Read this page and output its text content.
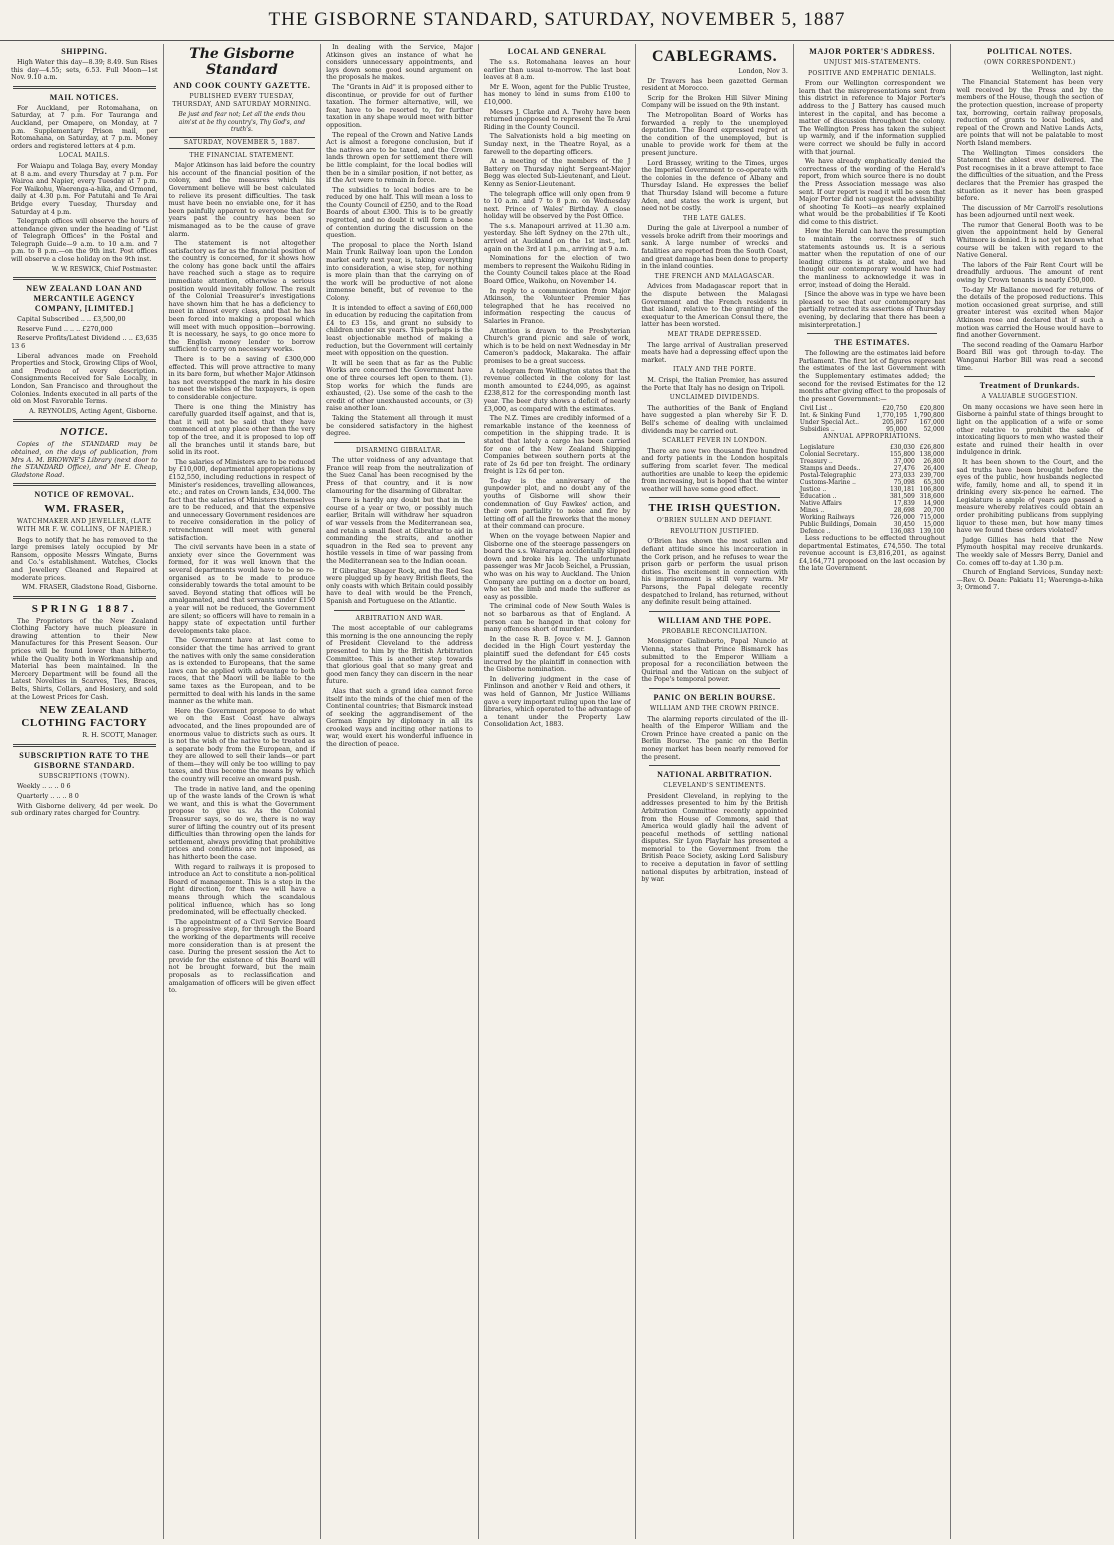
THE GISBORNE STANDARD, SATURDAY, NOVEMBER 5, 1887
SHIPPING.

High Water this day—8.39; 8.49. Sun Rises this day—4.55; sets, 6.53. Full Moon—1st Nov. 9.10 a.m.

MAIL NOTICES.

For Auckland, per Rotomahana, on Saturday, at 7 p.m. For Tauranga and Auckland, per Omapere, on Monday, at 7 p.m. Supplementary Prison mail, per Rotomahana, on Saturday, at 7 p.m. Money orders and registered letters at 4 p.m.

LOCAL MAILS.

For Waiapu and Tolaga Bay, every Monday at 8 a.m. and every Thursday at 7 p.m. For Wairoa and Napier, every Tuesday at 7 p.m. For Waikohu, Waerenga-a-hika, and Ormond, daily at 4.30 p.m. For Patutahi and Te Arai Bridge every Tuesday, Thursday and Saturday at 4 p.m.

Telegraph offices will observe the hours of attendance given under the heading of "List of Telegraph Offices" in the Postal and Telegraph Guide—9 a.m. to 10 a.m. and 7 p.m. to 8 p.m.—on the 9th inst. Post offices will observe a close holiday on the 9th inst.

W. W. RESWICK, Chief Postmaster.

NEW ZEALAND LOAN AND MERCANTILE AGENCY COMPANY, [LIMITED.]

Capital Subscribed .. .. £3,500,00

Reserve Fund .. .. .. £270,000

Reserve Profits/Latest Dividend .. .. £3,635 13 6

Liberal advances made on Freehold Properties and Stock, Growing Clips of Wool, and Produce of every description. Consignments Received for Sale Locally, in London, San Francisco and throughout the Colonies. Indents executed in all parts of the old on Most Favorable Terms.

A. REYNOLDS, Acting Agent, Gisborne.

NOTICE.

Copies of the STANDARD may be obtained, on the days of publication, from Mrs A. M. BROWNE'S Library (next door to the STANDARD Office), and Mr E. Cheap, Gladstone Road.

NOTICE OF REMOVAL.
WM. FRASER,
WATCHMAKER AND JEWELLER, (LATE WITH MR F. W. COLLINS, OF NAPIER.)

Begs to notify that he has removed to the large premises lately occupied by Mr Ransom, opposite Messrs Wingate, Burns and Co.'s establishment. Watches, Clocks and Jewellery Cleaned and Repaired at moderate prices.

WM. FRASER, Gladstone Road, Gisborne.

SPRING 1887.

The Proprietors of the New Zealand Clothing Factory have much pleasure in drawing attention to their New Manufactures for this Present Season. Our prices will be found lower than hitherto, while the Quality both in Workmanship and Material has been maintained. In the Mercery Department will be found all the Latest Novelties in Scarves, Ties, Braces, Belts, Shirts, Collars, and Hosiery, and sold at the Lowest Prices for Cash.

NEW ZEALAND CLOTHING FACTORY

R. H. SCOTT, Manager.

SUBSCRIPTION RATE TO THE GISBORNE STANDARD.
SUBSCRIPTIONS (TOWN).

Weekly .. .. .. 0 6

Quarterly .. .. .. 8 0

With Gisborne delivery, 4d per week. Do sub ordinary rates charged for Country.

The Gisborne Standard
AND COOK COUNTY GAZETTE.
PUBLISHED EVERY TUESDAY, THURSDAY, AND SATURDAY MORNING.
Be just and fear not; Let all the ends thou aim'st at be thy country's, Thy God's, and truth's.
SATURDAY, NOVEMBER 5, 1887.
THE FINANCIAL STATEMENT.

Major Atkinson has laid before the country his account of the financial position of the colony, and the measures which his Government believe will be best calculated to relieve its present difficulties. The task must have been no enviable one, for it has been painfully apparent to everyone that for years past the country has been so mismanaged as to be the cause of grave alarm.

The statement is not altogether satisfactory as far as the financial position of the country is concerned, for it shows how the colony has gone back until the affairs have reached such a stage as to require immediate attention, otherwise a serious position would inevitably follow. The result of the Colonial Treasurer's investigations have shown him that he has a deficiency to meet in almost every class, and that he has been forced into making a proposal which will meet with much opposition—borrowing. It is necessary, he says, to go once more to the English money lender to borrow sufficient to carry on necessary works.

There is to be a saving of £300,000 effected. This will prove attractive to many in its bare form, but whether Major Atkinson has not overstepped the mark in his desire to meet the wishes of the taxpayers, is open to considerable conjecture.

There is one thing the Ministry has carefully guarded itself against, and that is, that it will not be said that they have commenced at any place other than the very top of the tree, and it is proposed to lop off all the branches until it stands bare, but solid in its root.

The salaries of Ministers are to be reduced by £10,000, departmental appropriations by £152,550, including reductions in respect of Minister's residences, travelling allowances, etc.; and rates on Crown lands, £34,000. The fact that the salaries of Ministers themselves are to be reduced, and that the expensive and unnecessary Government residences are to receive consideration in the policy of retrenchment will meet with general satisfaction.

The civil servants have been in a state of anxiety ever since the Government was formed, for it was well known that the several departments would have to be so re-organised as to be made to produce considerably towards the total amount to be saved. Beyond stating that offices will be amalgamated, and that servants under £150 a year will not be reduced, the Government are silent; so officers will have to remain in a happy state of expectation until further developments take place.

The Government have at last come to consider that the time has arrived to grant the natives with only the same consideration as is extended to Europeans, that the same laws can be applied with advantage to both races, that the Maori will be liable to the same taxes as the European, and to be permitted to deal with his lands in the same manner as the white man.

Here the Government propose to do what we on the East Coast have always advocated, and the lines propounded are of enormous value to districts such as ours. It is not the wish of the native to be treated as a separate body from the European, and if they are allowed to sell their lands—or part of them—they will only be too willing to pay taxes, and thus become the means by which the country will receive an onward push.

The trade in native land, and the opening up of the waste lands of the Crown is what we want, and this is what the Government propose to give us. As the Colonial Treasurer says, so do we, there is no way surer of lifting the country out of its present difficulties than throwing open the lands for settlement, always providing that prohibitive prices and conditions are not imposed, as has hitherto been the case.

With regard to railways it is proposed to introduce an Act to constitute a non-political Board of management. This is a step in the right direction, for then we will have a means through which the scandalous political influence, which has so long predominated, will be effectually checked.

The appointment of a Civil Service Board is a progressive step, for through the Board the working of the departments will receive more consideration than is at present the case. During the present session the Act to provide for the existence of this Board will not be brought forward, but the main proposals as to reclassification and amalgamation of officers will be given effect to.

In dealing with the Service, Major Atkinson gives an instance of what he considers unnecessary appointments, and lays down some good sound argument on the proposals he makes.

The "Grants in Aid" it is proposed either to discontinue, or provide for out of further taxation. The former alternative, will, we fear, have to be resorted to, for further taxation in any shape would meet with bitter opposition.

The repeal of the Crown and Native Lands Act is almost a foregone conclusion, but if the natives are to be taxed, and the Crown lands thrown open for settlement there will be little complaint, for the local bodies will then be in a similar position, if not better, as if the Act were to remain in force.

The subsidies to local bodies are to be reduced by one half. This will mean a loss to the County Council of £250, and to the Road Boards of about £300. This is to be greatly regretted, and no doubt it will form a bone of contention during the discussion on the question.

The proposal to place the North Island Main Trunk Railway loan upon the London market early next year, is, taking everything into consideration, a wise step, for nothing is more plain than that the carrying on of the work will be productive of not alone immense benefit, but of revenue to the Colony.

It is intended to effect a saving of £60,000 in education by reducing the capitation from £4 to £3 15s, and grant no subsidy to children under six years. This perhaps is the least objectionable method of making a reduction, but the Government will certainly meet with opposition on the question.

It will be seen that as far as the Public Works are concerned the Government have one of three courses left open to them. (1). Stop works for which the funds are exhausted, (2). Use some of the cash to the credit of other unexhausted accounts, or (3) raise another loan.

Taking the Statement all through it must be considered satisfactory in the highest degree.

DISARMING GIBRALTAR.

The utter voidness of any advantage that France will reap from the neutralization of the Suez Canal has been recognised by the Press of that country, and it is now clamouring for the disarming of Gibraltar.

There is hardly any doubt but that in the course of a year or two, or possibly much earlier, Britain will withdraw her squadron of war vessels from the Mediterranean sea, and retain a small fleet at Gibraltar to aid in commanding the straits, and another squadron in the Red sea to prevent any hostile vessels in time of war passing from the Mediterranean sea to the Indian ocean.

If Gibraltar, Shager Rock, and the Red Sea were plugged up by heavy British fleets, the only coasts with which Britain could possibly have to deal with would be the French, Spanish and Portuguese on the Atlantic.

ARBITRATION AND WAR.

The most acceptable of our cablegrams this morning is the one announcing the reply of President Cleveland to the address presented to him by the British Arbitration Committee. This is another step towards that glorious goal that so many great and good men fancy they can discern in the near future.

Alas that such a grand idea cannot force itself into the minds of the chief men of the Continental countries; that Bismarck instead of seeking the aggrandisement of the German Empire by diplomacy in all its crooked ways and inciting other nations to war, would exert his wonderful influence in the direction of peace.

LOCAL AND GENERAL

The s.s. Rotomahana leaves an hour earlier than usual to-morrow. The last boat leaves at 8 a.m.

Mr E. Woon, agent for the Public Trustee, has money to lend in sums from £100 to £10,000.

Messrs J. Clarke and A. Twohy have been returned unopposed to represent the Te Arai Riding in the County Council.

The Salvationists hold a big meeting on Sunday next, in the Theatre Royal, as a farewell to the departing officers.

At a meeting of the members of the J Battery on Thursday night Sergeant-Major Begg was elected Sub-Lieutenant, and Lieut. Kenny as Senior-Lieutenant.

The telegraph office will only open from 9 to 10 a.m. and 7 to 8 p.m. on Wednesday next. Prince of Wales' Birthday. A close holiday will be observed by the Post Office.

The s.s. Manapouri arrived at 11.30 a.m. yesterday. She left Sydney on the 27th ult., arrived at Auckland on the 1st inst., left again on the 3rd at 1 p.m., arriving at 9 a.m.

Nominations for the election of two members to represent the Waikohu Riding in the County Council takes place at the Road Board Office, Waikohu, on November 14.

In reply to a communication from Major Atkinson, the Volunteer Premier has telegraphed that he has received no information respecting the caucus of Salaries in France.

Attention is drawn to the Presbyterian Church's grand picnic and sale of work, which is to be held on next Wednesday in Mr Cameron's paddock, Makaraka. The affair promises to be a great success.

A telegram from Wellington states that the revenue collected in the colony for last month amounted to £244,095, as against £238,812 for the corresponding month last year. The beer duty shows a deficit of nearly £3,000, as compared with the estimates.

The N.Z. Times are credibly informed of a remarkable instance of the keenness of competition in the shipping trade. It is stated that lately a cargo has been carried for one of the New Zealand Shipping Companies between southern ports at the rate of 2s 6d per ton freight. The ordinary freight is 12s 6d per ton.

To-day is the anniversary of the gunpowder plot, and no doubt any of the youths of Gisborne will show their condemnation of Guy Fawkes' action, and their own partiality to noise and fire by letting off of all the fireworks that the money at their command can procure.

When on the voyage between Napier and Gisborne one of the steerage passengers on board the s.s. Wairarapa accidentally slipped down and broke his leg. The unfortunate passenger was Mr Jacob Seichel, a Prussian, who was on his way to Auckland. The Union Company are putting on a doctor on board, who set the limb and made the sufferer as easy as possible.

The criminal code of New South Wales is not so barbarous as that of England. A person can be hanged in that colony for many offences short of murder.

In the case R. B. Joyce v. M. J. Gannon decided in the High Court yesterday the plaintiff sued the defendant for £45 costs incurred by the plaintiff in connection with the Gisborne nomination.

In delivering judgment in the case of Finlinson and another v Reid and others, it was held of Gannon, Mr Justice Williams gave a very important ruling upon the law of libraries, which operated to the advantage of a tenant under the Property Law Consolidation Act, 1883.

CABLEGRAMS.

London, Nov 3.

Dr Travers has been gazetted German resident at Morocco.

Scrip for the Broken Hill Silver Mining Company will be issued on the 9th instant.

The Metropolitan Board of Works has forwarded a reply to the unemployed deputation. The Board expressed regret at the condition of the unemployed, but is unable to provide work for them at the present juncture.

Lord Brassey, writing to the Times, urges the Imperial Government to co-operate with the colonies in the defence of Albany and Thursday Island. He expresses the belief that Thursday Island will become a future Aden, and states the work is urgent, but need not be costly.

THE LATE GALES.

During the gale at Liverpool a number of vessels broke adrift from their moorings and sank. A large number of wrecks and fatalities are reported from the South Coast, and great damage has been done to property in the inland counties.

THE FRENCH AND MALAGASCAR.

Advices from Madagascar report that in the dispute between the Malagasi Government and the French residents in that island, relative to the granting of the exequatur to the American Consul there, the latter has been worsted.

MEAT TRADE DEPRESSED.

The large arrival of Australian preserved meats have had a depressing effect upon the market.

ITALY AND THE PORTE.

M. Crispi, the Italian Premier, has assured the Porte that Italy has no design on Tripoli.

UNCLAIMED DIVIDENDS.

The authorities of the Bank of England have suggested a plan whereby Sir F. D. Bell's scheme of dealing with unclaimed dividends may be carried out.

SCARLET FEVER IN LONDON.

There are now two thousand five hundred and forty patients in the London hospitals suffering from scarlet fever. The medical authorities are unable to keep the epidemic from increasing, but is hoped that the winter weather will have some good effect.

THE IRISH QUESTION.
O'BRIEN SULLEN AND DEFIANT.
REVOLUTION JUSTIFIED.

O'Brien has shown the most sullen and defiant attitude since his incarceration in the Cork prison, and he refuses to wear the prison garb or perform the usual prison duties. The excitement in connection with his imprisonment is still very warm. Mr Parsons, the Papal delegate recently despatched to Ireland, has returned, without any definite result being attained.

WILLIAM AND THE POPE.
PROBABLE RECONCILIATION.

Monsignor Galimberto, Papal Nuncio at Vienna, states that Prince Bismarck has submitted to the Emperor William a proposal for a reconciliation between the Quirinal and the Vatican on the subject of the Pope's temporal power.

PANIC ON BERLIN BOURSE.
WILLIAM AND THE CROWN PRINCE.

The alarming reports circulated of the ill-health of the Emperor William and the Crown Prince have created a panic on the Berlin Bourse. The panic on the Berlin money market has been nearly removed for the present.

NATIONAL ARBITRATION.
CLEVELAND'S SENTIMENTS.

President Cleveland, in replying to the addresses presented to him by the British Arbitration Committee recently appointed from the House of Commons, said that America would gladly hail the advent of peaceful methods of settling national disputes. Sir Lyon Playfair has presented a memorial to the Government from the British Peace Society, asking Lord Salisbury to receive a deputation in favor of settling national disputes by arbitration, instead of by war.

MAJOR PORTER'S ADDRESS.
UNJUST MIS-STATEMENTS.
POSITIVE AND EMPHATIC DENIALS.

From our Wellington correspondent we learn that the misrepresentations sent from this district in reference to Major Porter's address to the J Battery has caused much interest in the capital, and has become a matter of discussion throughout the colony. The Wellington Press has taken the subject up warmly, and if the information supplied were correct we should be fully in accord with that journal.

We have already emphatically denied the correctness of the wording of the Herald's report, from which source there is no doubt the Press Association message was also sent. If our report is read it will be seen that Major Porter did not suggest the advisability of shooting Te Kooti—as nearly explained what would be the probabilities if Te Kooti did come to this district.

How the Herald can have the presumption to maintain the correctness of such statements astounds us. It is a serious matter when the reputation of one of our leading citizens is at stake, and we had thought our contemporary would have had the manliness to acknowledge it was in error, instead of doing the Herald.

[Since the above was in type we have been pleased to see that our contemporary has partially retracted its assertions of Thursday evening, by declaring that there has been a misinterpretation.]

THE ESTIMATES.

The following are the estimates laid before Parliament. The first lot of figures represent the estimates of the last Government with the Supplementary estimates added; the second for the revised Estimates for the 12 months after giving effect to the proposals of the present Government:—

Civil List ..	£20,750	£20,800
Int. & Sinking Fund	1,770,195	1,790,800
Under Special Act..	205,867	167,000
Subsidies ..	95,000	52,000
ANNUAL APPROPRIATIONS.
Legislature	£30,030	£26,800
Colonial Secretary..	155,800	138,000
Treasury ..	37,000	26,800
Stamps and Deeds..	27,476	26,400
Postal-Telegraphic	273,033	239,700
Customs-Marine ..	75,098	65,300
Justice ..	130,181	106,800
Education ..	381,509	318,600
Native Affairs	17,839	14,900
Mines ..	28,698	20,700
Working Railways	726,000	715,000
Public Buildings, Domain	30,450	15,000
Defence ..	136,083	139,100

Less reductions to be effected throughout departmental Estimates, £74,550. The total revenue account is £3,816,201, as against £4,164,771 proposed on the last occasion by the late Government.

POLITICAL NOTES.
(OWN CORRESPONDENT.)

Wellington, last night.

The Financial Statement has been very well received by the Press and by the members of the House, though the section of the protection question, increase of property tax, borrowing, certain railway proposals, reduction of grants to local bodies, and repeal of the Crown and Native Lands Acts, are points that will not be palatable to most North Island members.

The Wellington Times considers the Statement the ablest ever delivered. The Post recognises in it a brave attempt to face the difficulties of the situation, and the Press declares that the Premier has grasped the situation as it never has been grasped before.

The discussion of Mr Carroll's resolutions has been adjourned until next week.

The rumor that General Booth was to be given the appointment held by General Whitmore is denied. It is not yet known what course will be taken with regard to the Native General.

The labors of the Fair Rent Court will be dreadfully arduous. The amount of rent owing by Crown tenants is nearly £50,000.

To-day Mr Ballance moved for returns of the details of the proposed reductions. This motion occasioned great surprise, and still greater interest was excited when Major Atkinson rose and declared that if such a motion was carried the House would have to find another Government.

The second reading of the Oamaru Harbor Board Bill was got through to-day. The Wanganui Harbor Bill was read a second time.

Treatment of Drunkards.
A VALUABLE SUGGESTION.

On many occasions we have seen here in Gisborne a painful state of things brought to light on the application of a wife or some other relative to prohibit the sale of intoxicating liquors to men who wasted their estate and ruined their health in over indulgence in drink.

It has been shown to the Court, and the sad truths have been brought before the eyes of the public, how husbands neglected wife, family, home and all, to spend it in drinking every six-pence he earned. The Legislature is ample of years ago passed a measure whereby relatives could obtain an order prohibiting publicans from supplying liquor to these men, but how many times have we found these orders violated?

Judge Gillies has held that the New Plymouth hospital may receive drunkards. The weekly sale of Messrs Berry, Daniel and Co. comes off to-day at 1.30 p.m.

Church of England Services, Sunday next:—Rev. O. Dean: Pakiatu 11; Waerenga-a-hika 3; Ormond 7.
